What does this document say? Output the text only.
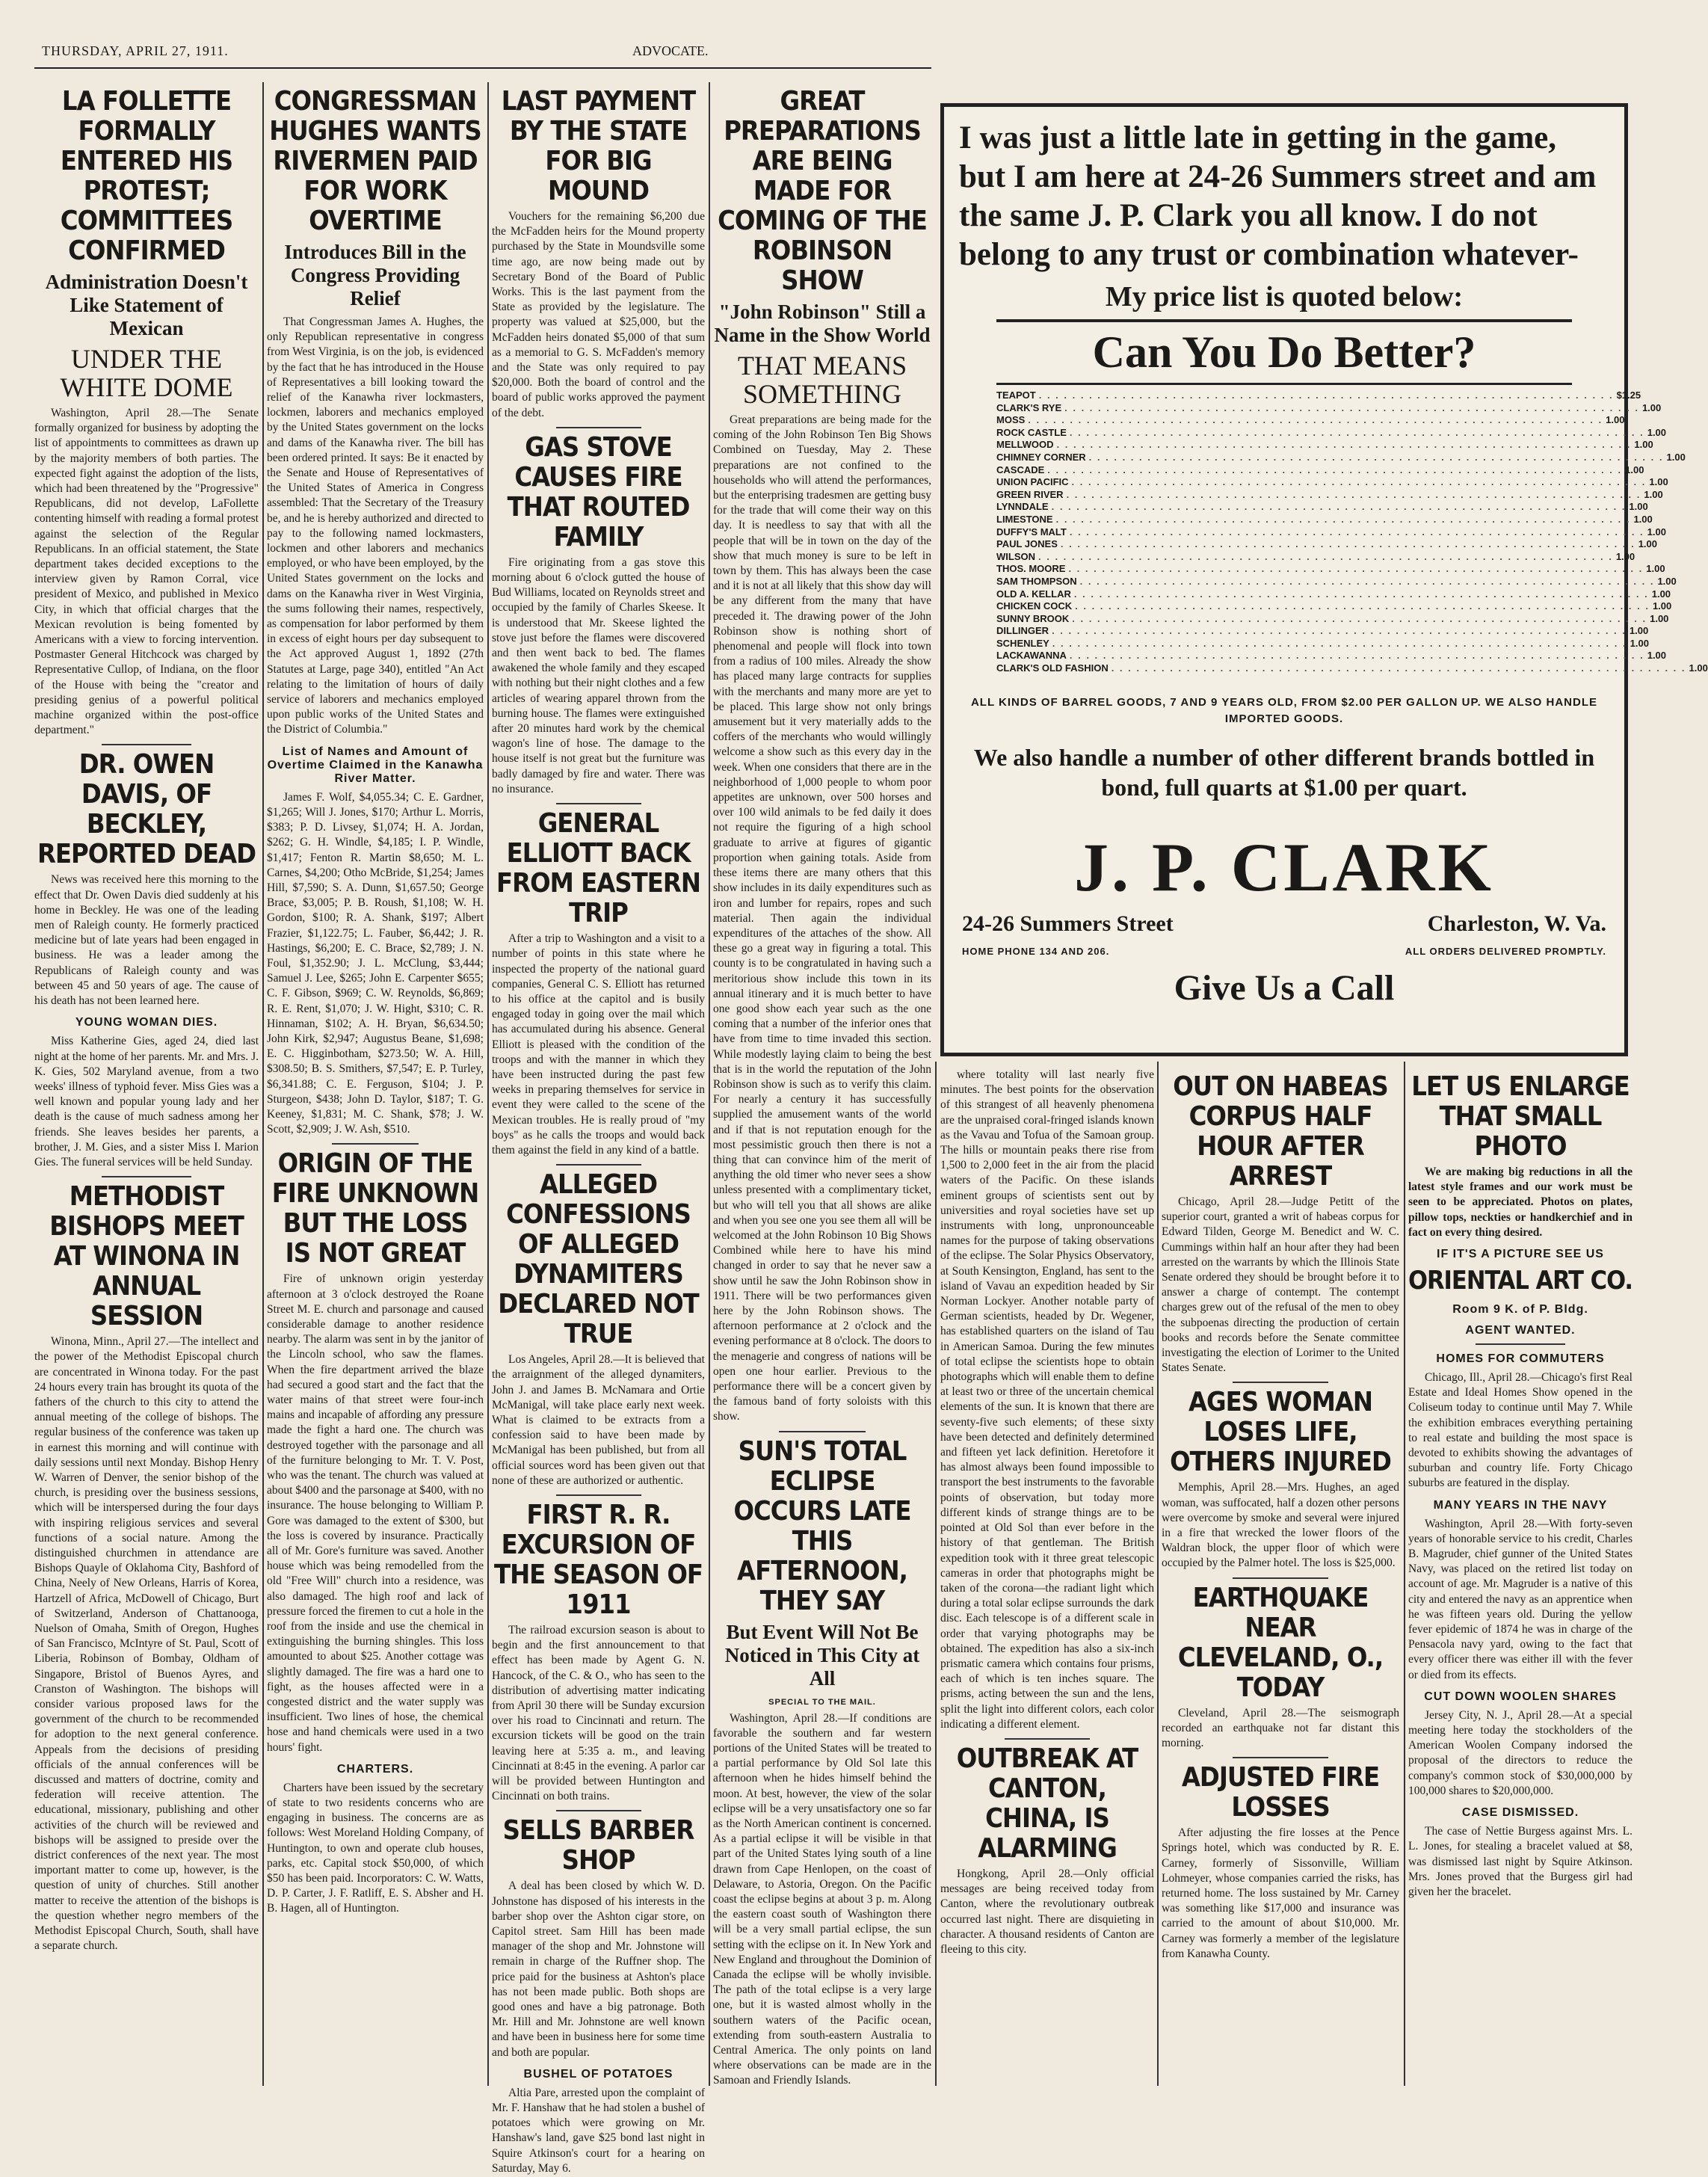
THURSDAY, APRIL 27, 1911.	ADVOCATE.
LA FOLLETTE FORMALLY ENTERED HIS PROTEST; COMMITTEES CONFIRMED
Administration Doesn't Like Statement of Mexican
UNDER THE WHITE DOME

Washington, April 28.—The Senate formally organized for business by adopting the list of appointments to committees as drawn up by the majority members of both parties. The expected fight against the adoption of the lists, which had been threatened by the "Progressive" Republicans, did not develop, LaFollette contenting himself with reading a formal protest against the selection of the Regular Republicans. In an official statement, the State department takes decided exceptions to the interview given by Ramon Corral, vice president of Mexico, and published in Mexico City, in which that official charges that the Mexican revolution is being fomented by Americans with a view to forcing intervention. Postmaster General Hitchcock was charged by Representative Cullop, of Indiana, on the floor of the House with being the "creator and presiding genius of a powerful political machine organized within the post-office department."

DR. OWEN DAVIS, OF BECKLEY, REPORTED DEAD

News was received here this morning to the effect that Dr. Owen Davis died suddenly at his home in Beckley. He was one of the leading men of Raleigh county. He formerly practiced medicine but of late years had been engaged in business. He was a leader among the Republicans of Raleigh county and was between 45 and 50 years of age. The cause of his death has not been learned here.

YOUNG WOMAN DIES.

Miss Katherine Gies, aged 24, died last night at the home of her parents. Mr. and Mrs. J. K. Gies, 502 Maryland avenue, from a two weeks' illness of typhoid fever. Miss Gies was a well known and popular young lady and her death is the cause of much sadness among her friends. She leaves besides her parents, a brother, J. M. Gies, and a sister Miss I. Marion Gies. The funeral services will be held Sunday.

METHODIST BISHOPS MEET AT WINONA IN ANNUAL SESSION

Winona, Minn., April 27.—The intellect and the power of the Methodist Episcopal church are concentrated in Winona today. For the past 24 hours every train has brought its quota of the fathers of the church to this city to attend the annual meeting of the college of bishops. The regular business of the conference was taken up in earnest this morning and will continue with daily sessions until next Monday. Bishop Henry W. Warren of Denver, the senior bishop of the church, is presiding over the business sessions, which will be interspersed during the four days with inspiring religious services and several functions of a social nature. Among the distinguished churchmen in attendance are Bishops Quayle of Oklahoma City, Bashford of China, Neely of New Orleans, Harris of Korea, Hartzell of Africa, McDowell of Chicago, Burt of Switzerland, Anderson of Chattanooga, Nuelson of Omaha, Smith of Oregon, Hughes of San Francisco, McIntyre of St. Paul, Scott of Liberia, Robinson of Bombay, Oldham of Singapore, Bristol of Buenos Ayres, and Cranston of Washington. The bishops will consider various proposed laws for the government of the church to be recommended for adoption to the next general conference. Appeals from the decisions of presiding officials of the annual conferences will be discussed and matters of doctrine, comity and federation will receive attention. The educational, missionary, publishing and other activities of the church will be reviewed and bishops will be assigned to preside over the district conferences of the next year. The most important matter to come up, however, is the question of unity of churches. Still another matter to receive the attention of the bishops is the question whether negro members of the Methodist Episcopal Church, South, shall have a separate church.

CONGRESSMAN HUGHES WANTS RIVERMEN PAID FOR WORK OVERTIME
Introduces Bill in the Congress Providing Relief

That Congressman James A. Hughes, the only Republican representative in congress from West Virginia, is on the job, is evidenced by the fact that he has introduced in the House of Representatives a bill looking toward the relief of the Kanawha river lockmasters, lockmen, laborers and mechanics employed by the United States government on the locks and dams of the Kanawha river. The bill has been ordered printed. It says: Be it enacted by the Senate and House of Representatives of the United States of America in Congress assembled: That the Secretary of the Treasury be, and he is hereby authorized and directed to pay to the following named lockmasters, lockmen and other laborers and mechanics employed, or who have been employed, by the United States government on the locks and dams on the Kanawha river in West Virginia, the sums following their names, respectively, as compensation for labor performed by them in excess of eight hours per day subsequent to the Act approved August 1, 1892 (27th Statutes at Large, page 340), entitled "An Act relating to the limitation of hours of daily service of laborers and mechanics employed upon public works of the United States and the District of Columbia."

List of Names and Amount of Overtime Claimed in the Kanawha River Matter.

James F. Wolf, $4,055.34; C. E. Gardner, $1,265; Will J. Jones, $170; Arthur L. Morris, $383; P. D. Livsey, $1,074; H. A. Jordan, $262; G. H. Windle, $4,185; I. P. Windle, $1,417; Fenton R. Martin $8,650; M. L. Carnes, $4,200; Otho McBride, $1,254; James Hill, $7,590; S. A. Dunn, $1,657.50; George Brace, $3,005; P. B. Roush, $1,108; W. H. Gordon, $100; R. A. Shank, $197; Albert Frazier, $1,122.75; L. Fauber, $6,442; J. R. Hastings, $6,200; E. C. Brace, $2,789; J. N. Foul, $1,352.90; J. L. McClung, $3,444; Samuel J. Lee, $265; John E. Carpenter $655; C. F. Gibson, $969; C. W. Reynolds, $6,869; R. E. Rent, $1,070; J. W. Hight, $310; C. R. Hinnaman, $102; A. H. Bryan, $6,634.50; John Kirk, $2,947; Augustus Beane, $1,698; E. C. Higginbotham, $273.50; W. A. Hill, $308.50; B. S. Smithers, $7,547; E. P. Turley, $6,341.88; C. E. Ferguson, $104; J. P. Sturgeon, $438; John D. Taylor, $187; T. G. Keeney, $1,831; M. C. Shank, $78; J. W. Scott, $2,909; J. W. Ash, $510.

ORIGIN OF THE FIRE UNKNOWN BUT THE LOSS IS NOT GREAT

Fire of unknown origin yesterday afternoon at 3 o'clock destroyed the Roane Street M. E. church and parsonage and caused considerable damage to another residence nearby. The alarm was sent in by the janitor of the Lincoln school, who saw the flames. When the fire department arrived the blaze had secured a good start and the fact that the water mains of that street were four-inch mains and incapable of affording any pressure made the fight a hard one. The church was destroyed together with the parsonage and all of the furniture belonging to Mr. T. V. Post, who was the tenant. The church was valued at about $400 and the parsonage at $400, with no insurance. The house belonging to William P. Gore was damaged to the extent of $300, but the loss is covered by insurance. Practically all of Mr. Gore's furniture was saved. Another house which was being remodelled from the old "Free Will" church into a residence, was also damaged. The high roof and lack of pressure forced the firemen to cut a hole in the roof from the inside and use the chemical in extinguishing the burning shingles. This loss amounted to about $25. Another cottage was slightly damaged. The fire was a hard one to fight, as the houses affected were in a congested district and the water supply was insufficient. Two lines of hose, the chemical hose and hand chemicals were used in a two hours' fight.

CHARTERS.

Charters have been issued by the secretary of state to two residents concerns who are engaging in business. The concerns are as follows: West Moreland Holding Company, of Huntington, to own and operate club houses, parks, etc. Capital stock $50,000, of which $50 has been paid. Incorporators: C. W. Watts, D. P. Carter, J. F. Ratliff, E. S. Absher and H. B. Hagen, all of Huntington.

LAST PAYMENT BY THE STATE FOR BIG MOUND

Vouchers for the remaining $6,200 due the McFadden heirs for the Mound property purchased by the State in Moundsville some time ago, are now being made out by Secretary Bond of the Board of Public Works. This is the last payment from the State as provided by the legislature. The property was valued at $25,000, but the McFadden heirs donated $5,000 of that sum as a memorial to G. S. McFadden's memory and the State was only required to pay $20,000. Both the board of control and the board of public works approved the payment of the debt.

GAS STOVE CAUSES FIRE THAT ROUTED FAMILY

Fire originating from a gas stove this morning about 6 o'clock gutted the house of Bud Williams, located on Reynolds street and occupied by the family of Charles Skeese. It is understood that Mr. Skeese lighted the stove just before the flames were discovered and then went back to bed. The flames awakened the whole family and they escaped with nothing but their night clothes and a few articles of wearing apparel thrown from the burning house. The flames were extinguished after 20 minutes hard work by the chemical wagon's line of hose. The damage to the house itself is not great but the furniture was badly damaged by fire and water. There was no insurance.

GENERAL ELLIOTT BACK FROM EASTERN TRIP

After a trip to Washington and a visit to a number of points in this state where he inspected the property of the national guard companies, General C. S. Elliott has returned to his office at the capitol and is busily engaged today in going over the mail which has accumulated during his absence. General Elliott is pleased with the condition of the troops and with the manner in which they have been instructed during the past few weeks in preparing themselves for service in event they were called to the scene of the Mexican troubles. He is really proud of "my boys" as he calls the troops and would back them against the field in any kind of a battle.

ALLEGED CONFESSIONS OF ALLEGED DYNAMITERS DECLARED NOT TRUE

Los Angeles, April 28.—It is believed that the arraignment of the alleged dynamiters, John J. and James B. McNamara and Ortie McManigal, will take place early next week. What is claimed to be extracts from a confession said to have been made by McManigal has been published, but from all official sources word has been given out that none of these are authorized or authentic.

FIRST R. R. EXCURSION OF THE SEASON OF 1911

The railroad excursion season is about to begin and the first announcement to that effect has been made by Agent G. N. Hancock, of the C. & O., who has seen to the distribution of advertising matter indicating from April 30 there will be Sunday excursion over his road to Cincinnati and return. The excursion tickets will be good on the train leaving here at 5:35 a. m., and leaving Cincinnati at 8:45 in the evening. A parlor car will be provided between Huntington and Cincinnati on both trains.

SELLS BARBER SHOP

A deal has been closed by which W. D. Johnstone has disposed of his interests in the barber shop over the Ashton cigar store, on Capitol street. Sam Hill has been made manager of the shop and Mr. Johnstone will remain in charge of the Ruffner shop. The price paid for the business at Ashton's place has not been made public. Both shops are good ones and have a big patronage. Both Mr. Hill and Mr. Johnstone are well known and have been in business here for some time and both are popular.

BUSHEL OF POTATOES

Altia Pare, arrested upon the complaint of Mr. F. Hanshaw that he had stolen a bushel of potatoes which were growing on Mr. Hanshaw's land, gave $25 bond last night in Squire Atkinson's court for a hearing on Saturday, May 6.

GREAT PREPARATIONS ARE BEING MADE FOR COMING OF THE ROBINSON SHOW
"John Robinson" Still a Name in the Show World
THAT MEANS SOMETHING

Great preparations are being made for the coming of the John Robinson Ten Big Shows Combined on Tuesday, May 2. These preparations are not confined to the households who will attend the performances, but the enterprising tradesmen are getting busy for the trade that will come their way on this day. It is needless to say that with all the people that will be in town on the day of the show that much money is sure to be left in town by them. This has always been the case and it is not at all likely that this show day will be any different from the many that have preceded it. The drawing power of the John Robinson show is nothing short of phenomenal and people will flock into town from a radius of 100 miles. Already the show has placed many large contracts for supplies with the merchants and many more are yet to be placed. This large show not only brings amusement but it very materially adds to the coffers of the merchants who would willingly welcome a show such as this every day in the week. When one considers that there are in the neighborhood of 1,000 people to whom poor appetites are unknown, over 500 horses and over 100 wild animals to be fed daily it does not require the figuring of a high school graduate to arrive at figures of gigantic proportion when gaining totals. Aside from these items there are many others that this show includes in its daily expenditures such as iron and lumber for repairs, ropes and such material. Then again the individual expenditures of the attaches of the show. All these go a great way in figuring a total. This county is to be congratulated in having such a meritorious show include this town in its annual itinerary and it is much better to have one good show each year such as the one coming that a number of the inferior ones that have from time to time invaded this section. While modestly laying claim to being the best that is in the world the reputation of the John Robinson show is such as to verify this claim. For nearly a century it has successfully supplied the amusement wants of the world and if that is not reputation enough for the most pessimistic grouch then there is not a thing that can convince him of the merit of anything the old timer who never sees a show unless presented with a complimentary ticket, but who will tell you that all shows are alike and when you see one you see them all will be welcomed at the John Robinson 10 Big Shows Combined while here to have his mind changed in order to say that he never saw a show until he saw the John Robinson show in 1911. There will be two performances given here by the John Robinson shows. The afternoon performance at 2 o'clock and the evening performance at 8 o'clock. The doors to the menagerie and congress of nations will be open one hour earlier. Previous to the performance there will be a concert given by the famous band of forty soloists with this show.

SUN'S TOTAL ECLIPSE OCCURS LATE THIS AFTERNOON, THEY SAY
But Event Will Not Be Noticed in This City at All
SPECIAL TO THE MAIL.

Washington, April 28.—If conditions are favorable the southern and far western portions of the United States will be treated to a partial performance by Old Sol late this afternoon when he hides himself behind the moon. At best, however, the view of the solar eclipse will be a very unsatisfactory one so far as the North American continent is concerned. As a partial eclipse it will be visible in that part of the United States lying south of a line drawn from Cape Henlopen, on the coast of Delaware, to Astoria, Oregon. On the Pacific coast the eclipse begins at about 3 p. m. Along the eastern coast south of Washington there will be a very small partial eclipse, the sun setting with the eclipse on it. In New York and New England and throughout the Dominion of Canada the eclipse will be wholly invisible. The path of the total eclipse is a very large one, but it is wasted almost wholly in the southern waters of the Pacific ocean, extending from south-eastern Australia to Central America. The only points on land where observations can be made are in the Samoan and Friendly Islands.

I was just a little late in getting in the game, but I am here at 24-26 Summers street and am the same J. P. Clark you all know. I do not belong to any trust or combination whatever-
My price list is quoted below:
Can You Do Better?
TEAPOT . . . . . . . . . . . . . . . . . . . . . . . . . . . . . . . . . . . . . . . . . . . . . . . . . . . . . . . . . . . . . . . . . . . . . $1.25
CLARK'S RYE . . . . . . . . . . . . . . . . . . . . . . . . . . . . . . . . . . . . . . . . . . . . . . . . . . . . . . . . . . . . . . . . . . . . . 1.00
MOSS . . . . . . . . . . . . . . . . . . . . . . . . . . . . . . . . . . . . . . . . . . . . . . . . . . . . . . . . . . . . . . . . . . . . . 1.00
ROCK CASTLE . . . . . . . . . . . . . . . . . . . . . . . . . . . . . . . . . . . . . . . . . . . . . . . . . . . . . . . . . . . . . . . . . . . . . 1.00
MELLWOOD . . . . . . . . . . . . . . . . . . . . . . . . . . . . . . . . . . . . . . . . . . . . . . . . . . . . . . . . . . . . . . . . . . . . . 1.00
CHIMNEY CORNER . . . . . . . . . . . . . . . . . . . . . . . . . . . . . . . . . . . . . . . . . . . . . . . . . . . . . . . . . . . . . . . . . . . . . 1.00
CASCADE . . . . . . . . . . . . . . . . . . . . . . . . . . . . . . . . . . . . . . . . . . . . . . . . . . . . . . . . . . . . . . . . . . . . . 1.00
UNION PACIFIC . . . . . . . . . . . . . . . . . . . . . . . . . . . . . . . . . . . . . . . . . . . . . . . . . . . . . . . . . . . . . . . . . . . . . 1.00
GREEN RIVER . . . . . . . . . . . . . . . . . . . . . . . . . . . . . . . . . . . . . . . . . . . . . . . . . . . . . . . . . . . . . . . . . . . . . 1.00
LYNNDALE . . . . . . . . . . . . . . . . . . . . . . . . . . . . . . . . . . . . . . . . . . . . . . . . . . . . . . . . . . . . . . . . . . . . . 1.00
LIMESTONE . . . . . . . . . . . . . . . . . . . . . . . . . . . . . . . . . . . . . . . . . . . . . . . . . . . . . . . . . . . . . . . . . . . . . 1.00
DUFFY'S MALT . . . . . . . . . . . . . . . . . . . . . . . . . . . . . . . . . . . . . . . . . . . . . . . . . . . . . . . . . . . . . . . . . . . . . 1.00
PAUL JONES . . . . . . . . . . . . . . . . . . . . . . . . . . . . . . . . . . . . . . . . . . . . . . . . . . . . . . . . . . . . . . . . . . . . . 1.00
WILSON . . . . . . . . . . . . . . . . . . . . . . . . . . . . . . . . . . . . . . . . . . . . . . . . . . . . . . . . . . . . . . . . . . . . . 1.00
THOS. MOORE . . . . . . . . . . . . . . . . . . . . . . . . . . . . . . . . . . . . . . . . . . . . . . . . . . . . . . . . . . . . . . . . . . . . . 1.00
SAM THOMPSON . . . . . . . . . . . . . . . . . . . . . . . . . . . . . . . . . . . . . . . . . . . . . . . . . . . . . . . . . . . . . . . . . . . . . 1.00
OLD A. KELLAR . . . . . . . . . . . . . . . . . . . . . . . . . . . . . . . . . . . . . . . . . . . . . . . . . . . . . . . . . . . . . . . . . . . . . 1.00
CHICKEN COCK . . . . . . . . . . . . . . . . . . . . . . . . . . . . . . . . . . . . . . . . . . . . . . . . . . . . . . . . . . . . . . . . . . . . . 1.00
SUNNY BROOK . . . . . . . . . . . . . . . . . . . . . . . . . . . . . . . . . . . . . . . . . . . . . . . . . . . . . . . . . . . . . . . . . . . . . 1.00
DILLINGER . . . . . . . . . . . . . . . . . . . . . . . . . . . . . . . . . . . . . . . . . . . . . . . . . . . . . . . . . . . . . . . . . . . . . 1.00
SCHENLEY . . . . . . . . . . . . . . . . . . . . . . . . . . . . . . . . . . . . . . . . . . . . . . . . . . . . . . . . . . . . . . . . . . . . . 1.00
LACKAWANNA . . . . . . . . . . . . . . . . . . . . . . . . . . . . . . . . . . . . . . . . . . . . . . . . . . . . . . . . . . . . . . . . . . . . . 1.00
CLARK'S OLD FASHION . . . . . . . . . . . . . . . . . . . . . . . . . . . . . . . . . . . . . . . . . . . . . . . . . . . . . . . . . . . . . . . . . . . . . 1.00
ALL KINDS OF BARREL GOODS, 7 AND 9 YEARS OLD, FROM $2.00 PER GALLON UP. WE ALSO HANDLE IMPORTED GOODS.
We also handle a number of other different brands bottled in bond, full quarts at $1.00 per quart.
J. P. CLARK
24-26 Summers Street	Charleston, W. Va.
HOME PHONE 134 AND 206.	ALL ORDERS DELIVERED PROMPTLY.
Give Us a Call

where totality will last nearly five minutes. The best points for the observation of this strangest of all heavenly phenomena are the unpraised coral-fringed islands known as the Vavau and Tofua of the Samoan group. The hills or mountain peaks there rise from 1,500 to 2,000 feet in the air from the placid waters of the Pacific. On these islands eminent groups of scientists sent out by universities and royal societies have set up instruments with long, unpronounceable names for the purpose of taking observations of the eclipse. The Solar Physics Observatory, at South Kensington, England, has sent to the island of Vavau an expedition headed by Sir Norman Lockyer. Another notable party of German scientists, headed by Dr. Wegener, has established quarters on the island of Tau in American Samoa. During the few minutes of total eclipse the scientists hope to obtain photographs which will enable them to define at least two or three of the uncertain chemical elements of the sun. It is known that there are seventy-five such elements; of these sixty have been detected and definitely determined and fifteen yet lack definition. Heretofore it has almost always been found impossible to transport the best instruments to the favorable points of observation, but today more different kinds of strange things are to be pointed at Old Sol than ever before in the history of that gentleman. The British expedition took with it three great telescopic cameras in order that photographs might be taken of the corona—the radiant light which during a total solar eclipse surrounds the dark disc. Each telescope is of a different scale in order that varying photographs may be obtained. The expedition has also a six-inch prismatic camera which contains four prisms, each of which is ten inches square. The prisms, acting between the sun and the lens, split the light into different colors, each color indicating a different element.

OUTBREAK AT CANTON, CHINA, IS ALARMING

Hongkong, April 28.—Only official messages are being received today from Canton, where the revolutionary outbreak occurred last night. There are disquieting in character. A thousand residents of Canton are fleeing to this city.

OUT ON HABEAS CORPUS HALF HOUR AFTER ARREST

Chicago, April 28.—Judge Petitt of the superior court, granted a writ of habeas corpus for Edward Tilden, George M. Benedict and W. C. Cummings within half an hour after they had been arrested on the warrants by which the Illinois State Senate ordered they should be brought before it to answer a charge of contempt. The contempt charges grew out of the refusal of the men to obey the subpoenas directing the production of certain books and records before the Senate committee investigating the election of Lorimer to the United States Senate.

AGES WOMAN LOSES LIFE, OTHERS INJURED

Memphis, April 28.—Mrs. Hughes, an aged woman, was suffocated, half a dozen other persons were overcome by smoke and several were injured in a fire that wrecked the lower floors of the Waldran block, the upper floor of which were occupied by the Palmer hotel. The loss is $25,000.

EARTHQUAKE NEAR CLEVELAND, O., TODAY

Cleveland, April 28.—The seismograph recorded an earthquake not far distant this morning.

ADJUSTED FIRE LOSSES

After adjusting the fire losses at the Pence Springs hotel, which was conducted by R. E. Carney, formerly of Sissonville, William Lohmeyer, whose companies carried the risks, has returned home. The loss sustained by Mr. Carney was something like $17,000 and insurance was carried to the amount of about $10,000. Mr. Carney was formerly a member of the legislature from Kanawha County.

LET US ENLARGE THAT SMALL PHOTO

We are making big reductions in all the latest style frames and our work must be seen to be appreciated. Photos on plates, pillow tops, neckties or handkerchief and in fact on every thing desired.

IF IT'S A PICTURE SEE US
ORIENTAL ART CO.
Room 9 K. of P. Bldg.
AGENT WANTED.
HOMES FOR COMMUTERS

Chicago, Ill., April 28.—Chicago's first Real Estate and Ideal Homes Show opened in the Coliseum today to continue until May 7. While the exhibition embraces everything pertaining to real estate and building the most space is devoted to exhibits showing the advantages of suburban and country life. Forty Chicago suburbs are featured in the display.

MANY YEARS IN THE NAVY

Washington, April 28.—With forty-seven years of honorable service to his credit, Charles B. Magruder, chief gunner of the United States Navy, was placed on the retired list today on account of age. Mr. Magruder is a native of this city and entered the navy as an apprentice when he was fifteen years old. During the yellow fever epidemic of 1874 he was in charge of the Pensacola navy yard, owing to the fact that every officer there was either ill with the fever or died from its effects.

CUT DOWN WOOLEN SHARES

Jersey City, N. J., April 28.—At a special meeting here today the stockholders of the American Woolen Company indorsed the proposal of the directors to reduce the company's common stock of $30,000,000 by 100,000 shares to $20,000,000.

CASE DISMISSED.

The case of Nettie Burgess against Mrs. L. L. Jones, for stealing a bracelet valued at $8, was dismissed last night by Squire Atkinson. Mrs. Jones proved that the Burgess girl had given her the bracelet.
